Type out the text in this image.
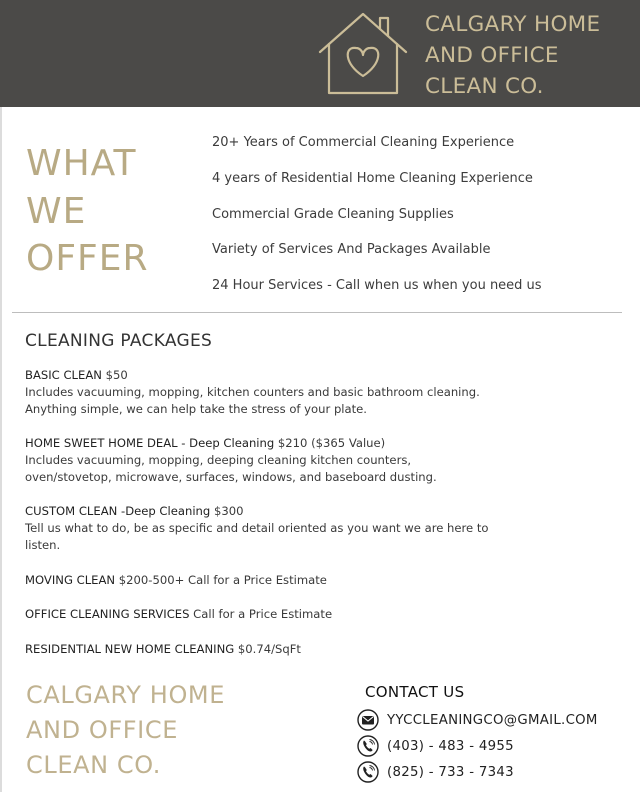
CALGARY HOME
AND OFFICE
CLEAN CO.
WHAT
WE
OFFER
20+ Years of Commercial Cleaning Experience
4 years of Residential Home Cleaning Experience
Commercial Grade Cleaning Supplies
Variety of Services And Packages Available
24 Hour Services - Call when us when you need us
CLEANING PACKAGES
BASIC CLEAN $50
Includes vacuuming, mopping, kitchen counters and basic bathroom cleaning. Anything simple, we can help take the stress of your plate.
HOME SWEET HOME DEAL - Deep Cleaning $210 ($365 Value)
Includes vacuuming, mopping, deeping cleaning kitchen counters, oven/stovetop, microwave, surfaces, windows, and baseboard dusting.
CUSTOM CLEAN -Deep Cleaning $300
Tell us what to do, be as specific and detail oriented as you want we are here to listen.
MOVING CLEAN $200-500+ Call for a Price Estimate
OFFICE CLEANING SERVICES Call for a Price Estimate
RESIDENTIAL NEW HOME CLEANING $0.74/SqFt
CALGARY HOME
AND OFFICE
CLEAN CO.
CONTACT US
YYCCLEANINGCO@GMAIL.COM
(403) - 483 - 4955
(825) - 733 - 7343
